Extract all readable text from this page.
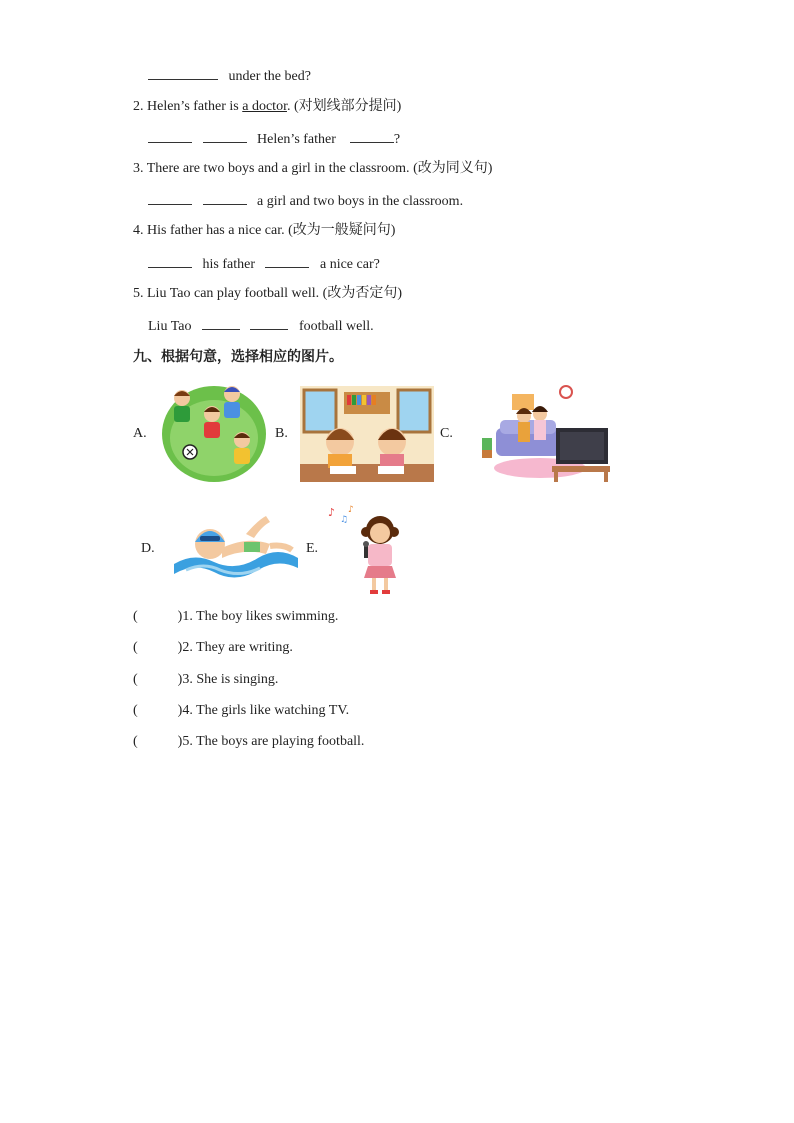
under the bed?
2. Helen’s father is a doctor. (对划线部分提问)
Helen’s father	?
3. There are two boys and a girl in the classroom. (改为同义句)
a girl and two boys in the classroom.
4. His father has a nice car. (改为一般疑问句)
his father	a nice car?
5. Liu Tao can play football well. (改为否定句)
Liu Tao	football well.
九、根据句意，选择相应的图片。
A.	B.	C.
D.	E.
♪
♫
♪
(	)1. The boy likes swimming.
(	)2. They are writing.
(	)3. She is singing.
(	)4. The girls like watching TV.
(	)5. The boys are playing football.
